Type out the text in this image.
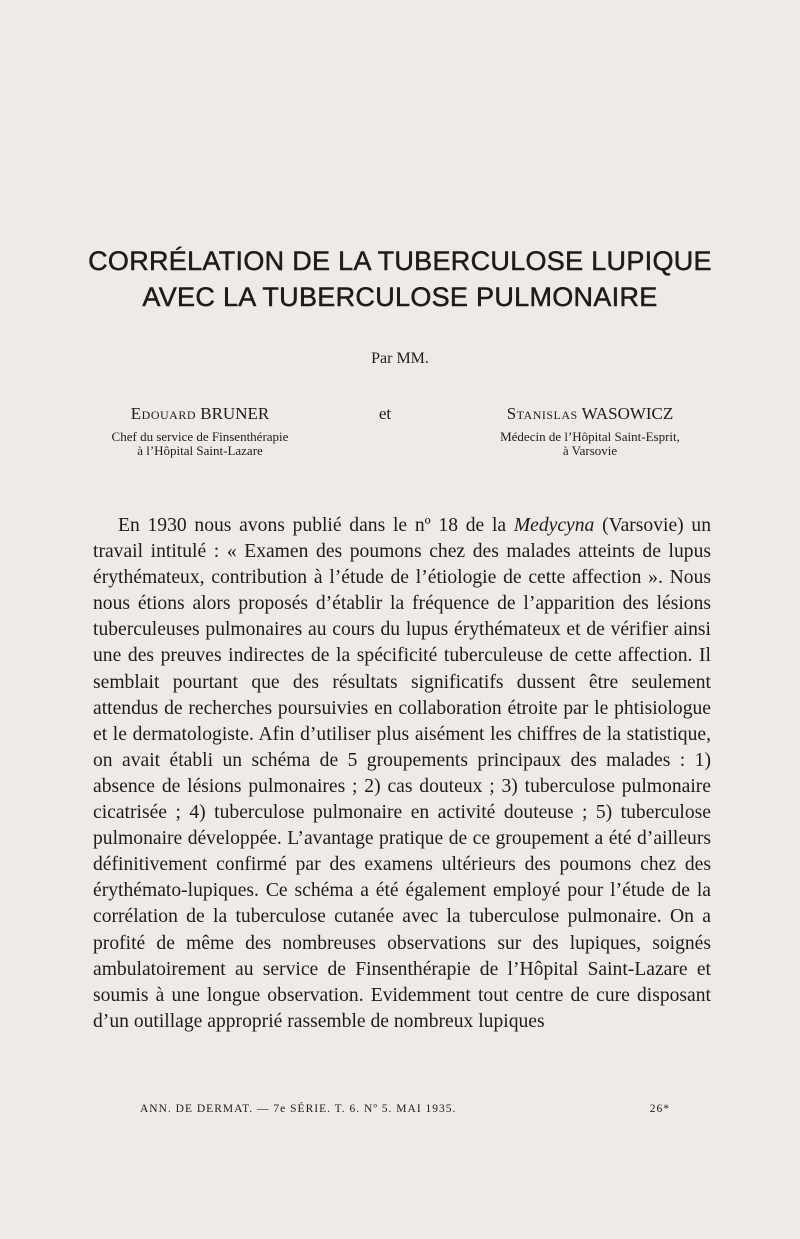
CORRÉLATION DE LA TUBERCULOSE LUPIQUE
AVEC LA TUBERCULOSE PULMONAIRE
Par MM.
Edouard BRUNER
Chef du service de Finsenthérapie
à l’Hôpital Saint-Lazare
et	Stanislas WASOWICZ
Médecin de l’Hôpital Saint-Esprit,
à Varsovie

En 1930 nous avons publié dans le nº 18 de la Medycyna (Varsovie) un travail intitulé : « Examen des poumons chez des malades atteints de lupus érythémateux, contribution à l’étude de l’étiologie de cette affection ». Nous nous étions alors proposés d’établir la fréquence de l’apparition des lésions tuberculeuses pulmonaires au cours du lupus érythémateux et de vérifier ainsi une des preuves indirectes de la spécificité tuberculeuse de cette affection. Il semblait pourtant que des résultats significatifs dussent être seulement attendus de recherches poursuivies en collaboration étroite par le phtisiologue et le dermatologiste. Afin d’utiliser plus aisément les chiffres de la statistique, on avait établi un schéma de 5 groupements principaux des malades : 1) absence de lésions pulmonaires ; 2) cas douteux ; 3) tuberculose pulmonaire cicatrisée ; 4) tuberculose pulmonaire en activité douteuse ; 5) tuberculose pulmonaire développée. L’avantage pratique de ce groupement a été d’ailleurs définitivement confirmé par des examens ultérieurs des poumons chez des érythémato-lupiques. Ce schéma a été également employé pour l’étude de la corrélation de la tuberculose cutanée avec la tuberculose pulmonaire. On a profité de même des nombreuses observations sur des lupiques, soignés ambulatoirement au service de Finsenthérapie de l’Hôpital Saint-Lazare et soumis à une longue observation. Evidemment tout centre de cure disposant d’un outillage approprié rassemble de nombreux lupiques

ANN. DE DERMAT. — 7e SÉRIE. T. 6. Nº 5. MAI 1935.	26*
